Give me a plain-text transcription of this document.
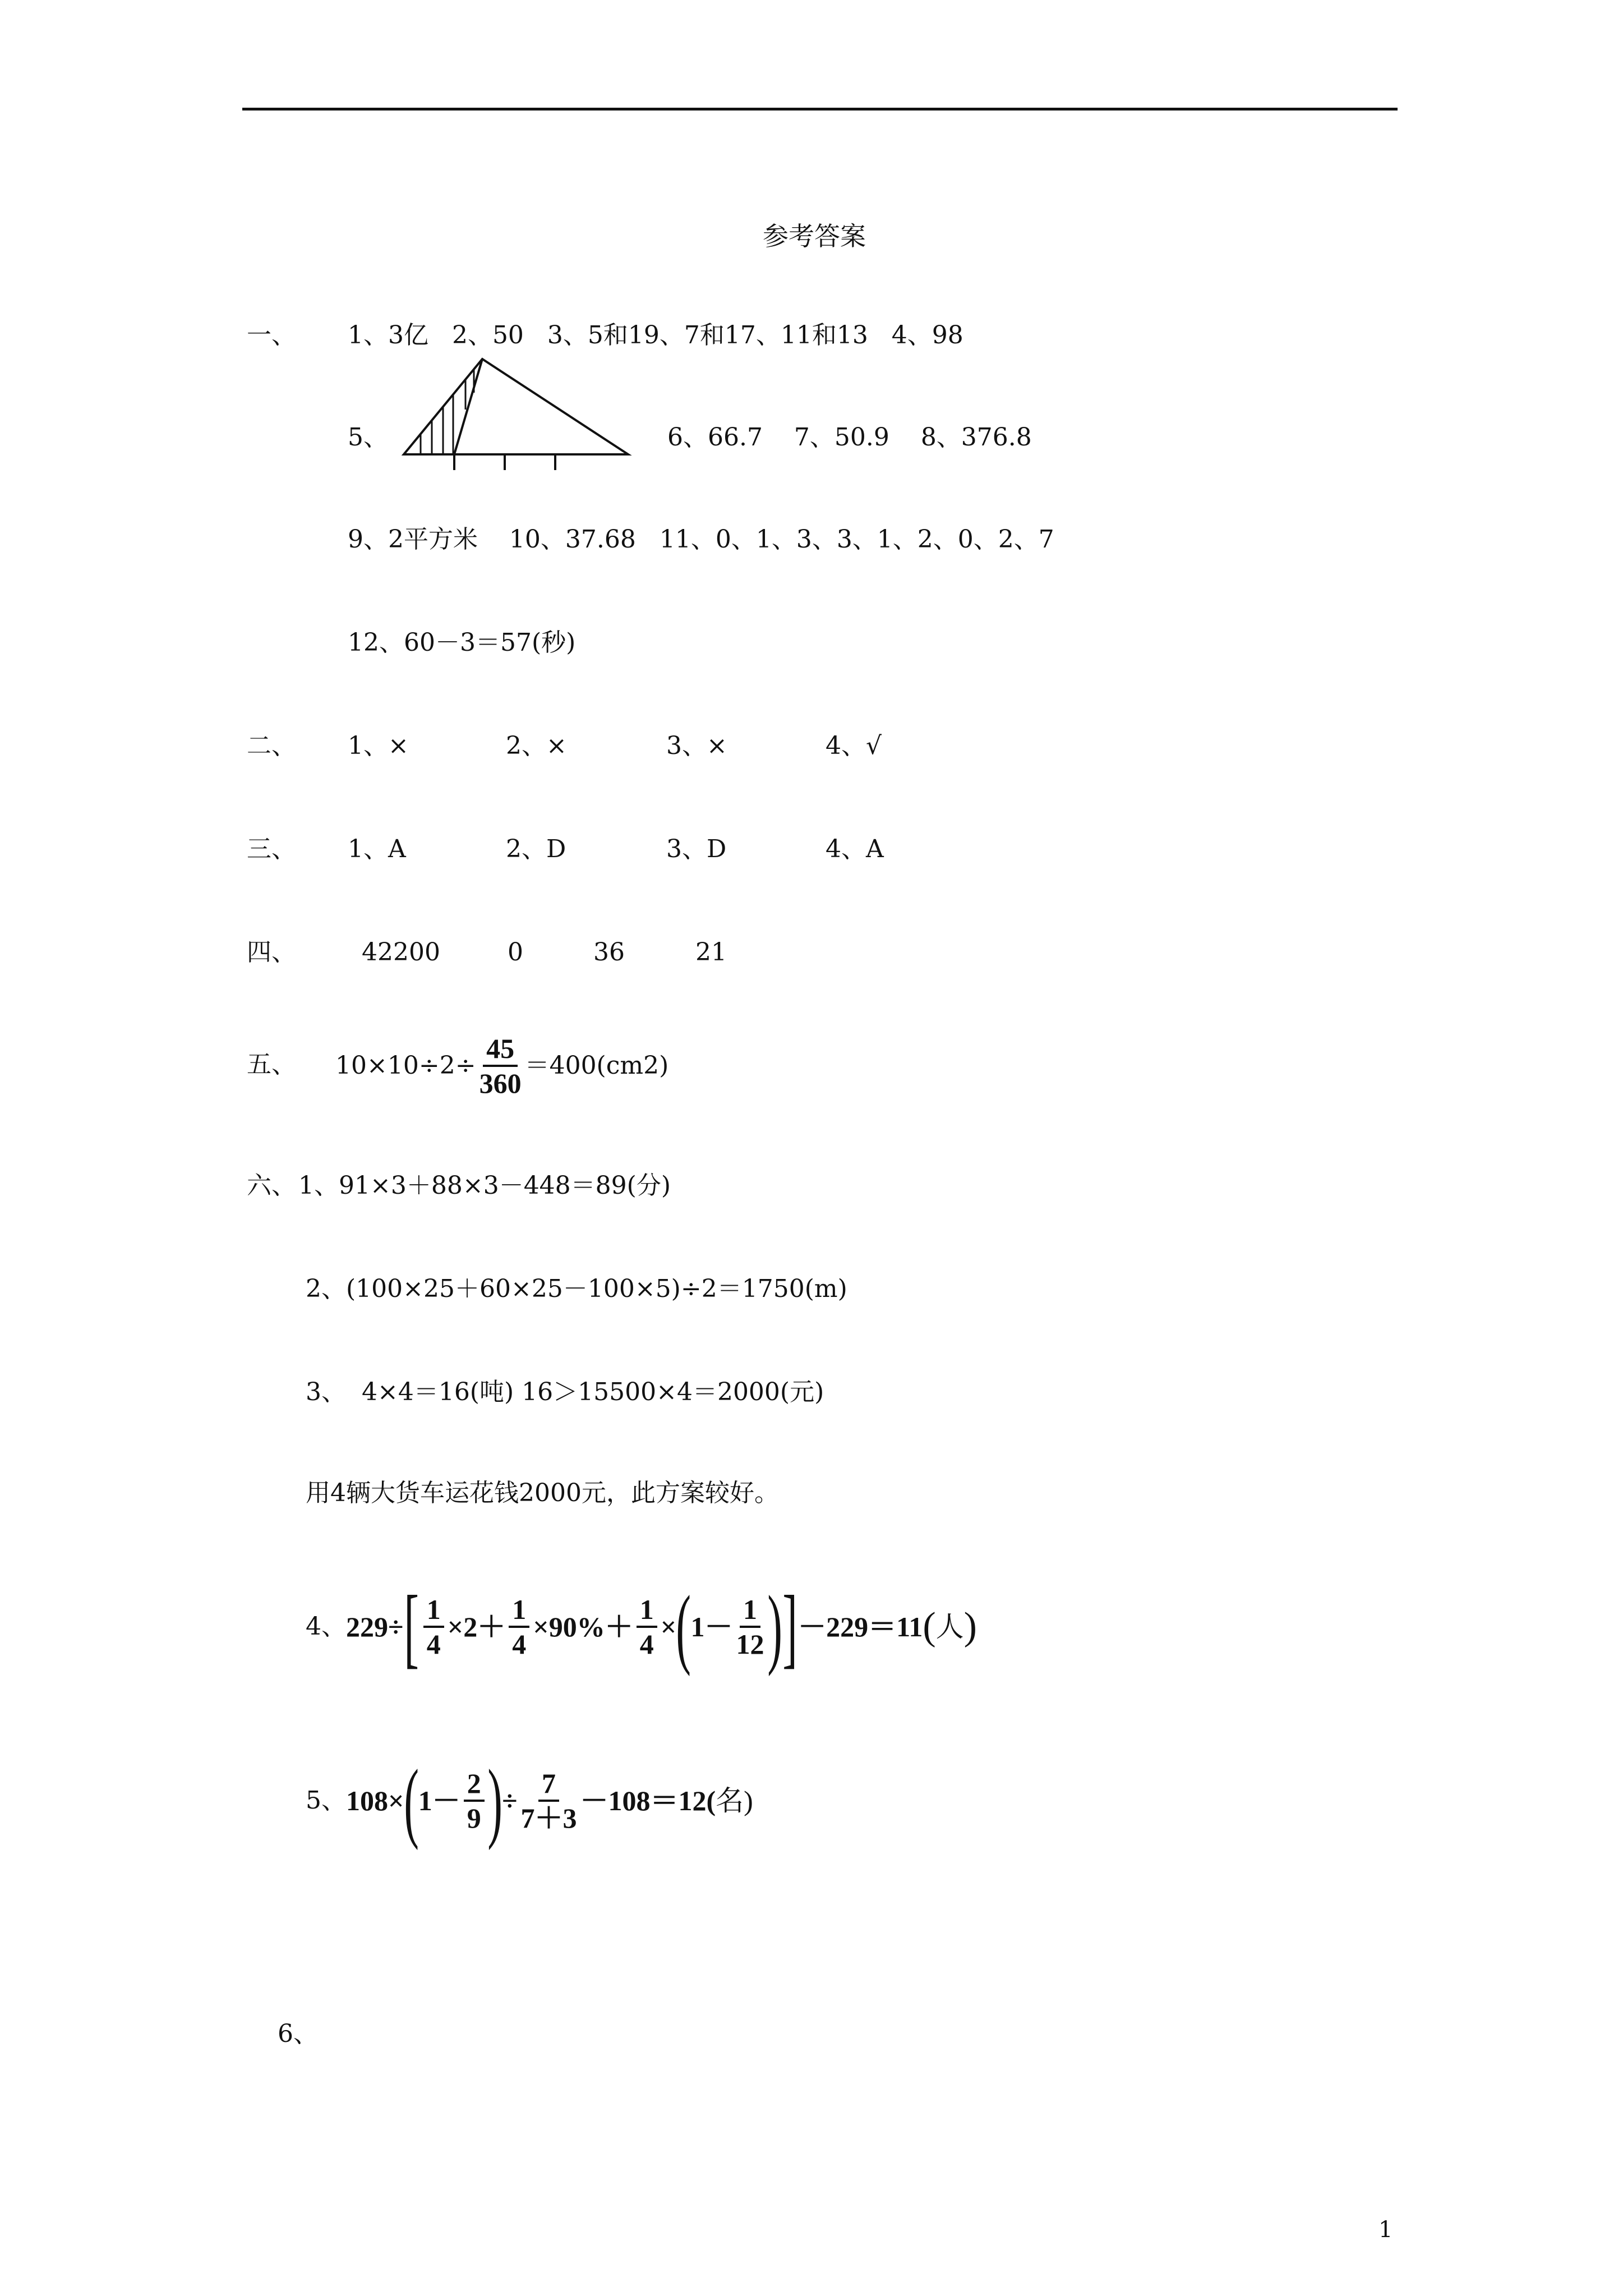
参考答案
一、 1、3亿   2、50   3、5和19、7和17、11和13   4、98
5、	6、66.7    7、50.9    8、376.8
9、2平方米    10、37.68   11、0、1、3、3、1、2、0、2、7
12、60－3＝57(秒)
二、 1、×	2、×	3、×	4、√
三、 1、A	2、D	3、D	4、A
四、	42200	0	36	21
五、 $10\times 10\div 2\div \frac{45}{360} =400(cm2)$
六、 1、91×3＋88×3－448＝89(分)
2、(100×25＋60×25－100×5)÷2＝1750(m)
3、  4×4＝16(吨) 16＞15500×4＝2000(元)
用4辆大货车运花钱2000元，此方案较好。
4、 229÷ [ $\frac{1}{4} \times 2+ \frac{1}{4} \times 90\%+ \frac{1}{4}$ × ( $1- \frac{1}{12}$ ) ] －229＝11 ( 人 )
5、 108× ( $1- \frac{2}{9}$ ) ÷ $\frac{7}{7+3} -108=12$( 名 )
6、
1
